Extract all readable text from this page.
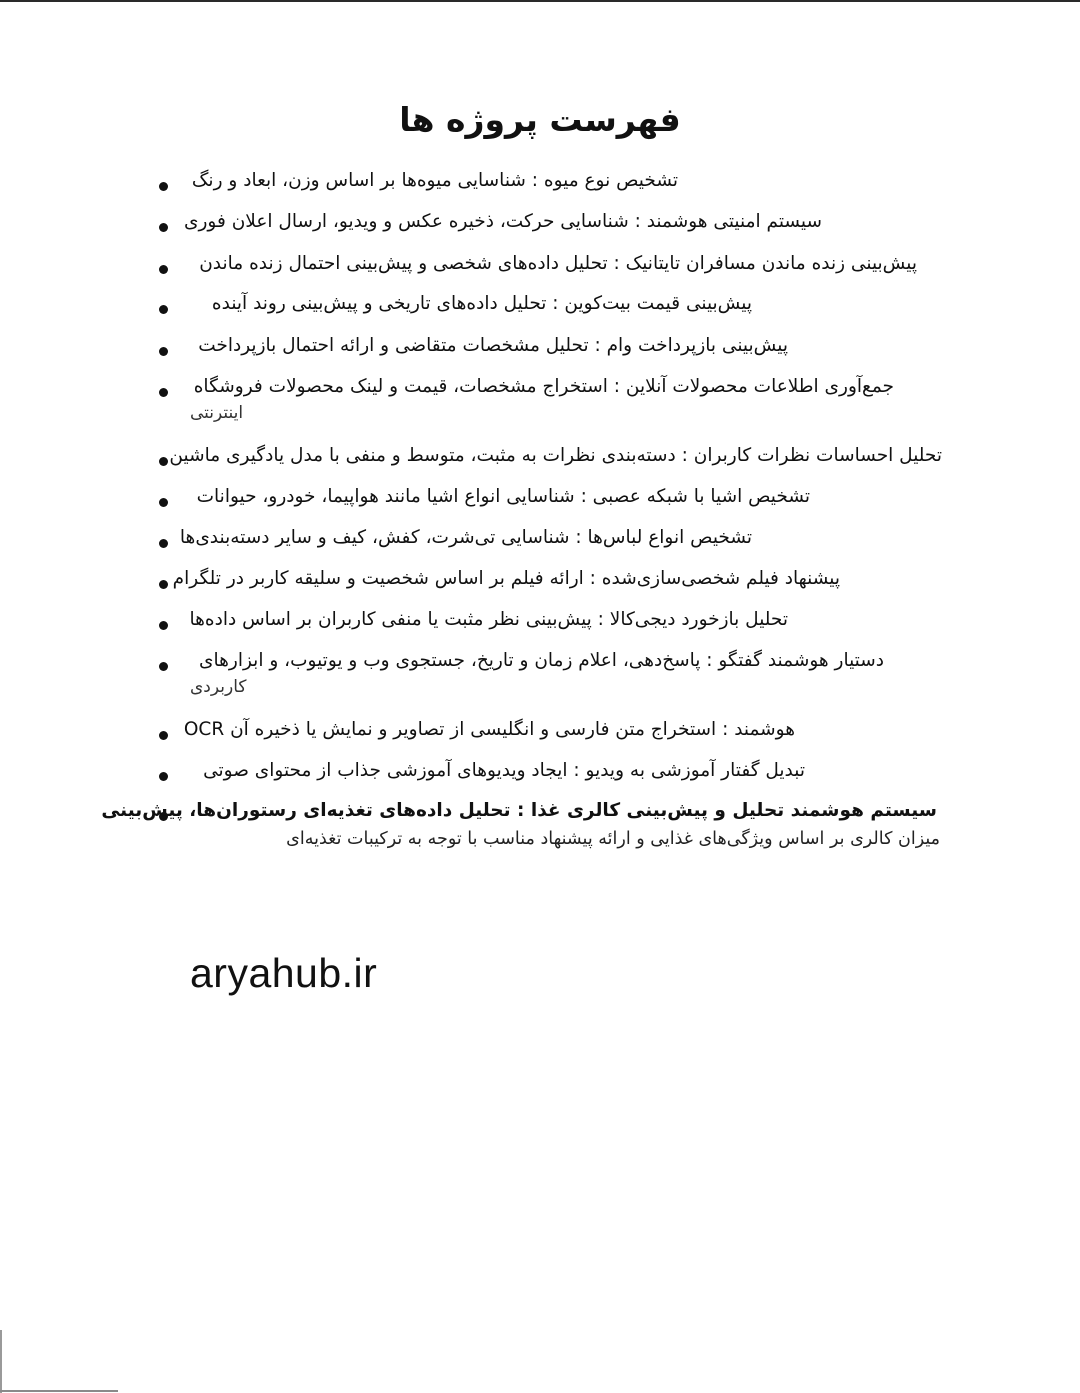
فهرست پروژه ها
تشخیص نوع میوه : شناسایی میوه‌ها بر اساس وزن، ابعاد و رنگ
سیستم امنیتی هوشمند : شناسایی حرکت، ذخیره عکس و ویدیو، ارسال اعلان فوری
پیش‌بینی زنده ماندن مسافران تایتانیک : تحلیل داده‌های شخصی و پیش‌بینی احتمال زنده ماندن
پیش‌بینی قیمت بیت‌کوین : تحلیل داده‌های تاریخی و پیش‌بینی روند آینده
پیش‌بینی بازپرداخت وام : تحلیل مشخصات متقاضی و ارائه احتمال بازپرداخت
جمع‌آوری اطلاعات محصولات آنلاین : استخراج مشخصات، قیمت و لینک محصولات فروشگاه
اینترنتی
تحلیل احساسات نظرات کاربران : دسته‌بندی نظرات به مثبت، متوسط و منفی با مدل یادگیری ماشین
تشخیص اشیا با شبکه عصبی : شناسایی انواع اشیا مانند هواپیما، خودرو، حیوانات
تشخیص انواع لباس‌ها : شناسایی تی‌شرت، کفش، کیف و سایر دسته‌بندی‌ها
پیشنهاد فیلم شخصی‌سازی‌شده : ارائه فیلم بر اساس شخصیت و سلیقه کاربر در تلگرام
تحلیل بازخورد دیجی‌کالا : پیش‌بینی نظر مثبت یا منفی کاربران بر اساس داده‌ها
دستیار هوشمند گفتگو : پاسخ‌دهی، اعلام زمان و تاریخ، جستجوی وب و یوتیوب، و ابزارهای
کاربردی
هوشمند : استخراج متن فارسی و انگلیسی از تصاویر و نمایش یا ذخیره آن OCR
تبدیل گفتار آموزشی به ویدیو : ایجاد ویدیوهای آموزشی جذاب از محتوای صوتی
سیستم هوشمند تحلیل و پیش‌بینی کالری غذا : تحلیل داده‌های تغذیه‌ای رستوران‌ها، پیش‌بینی
میزان کالری بر اساس ویژگی‌های غذایی و ارائه پیشنهاد مناسب با توجه به ترکیبات تغذیه‌ای
aryahub.ir
